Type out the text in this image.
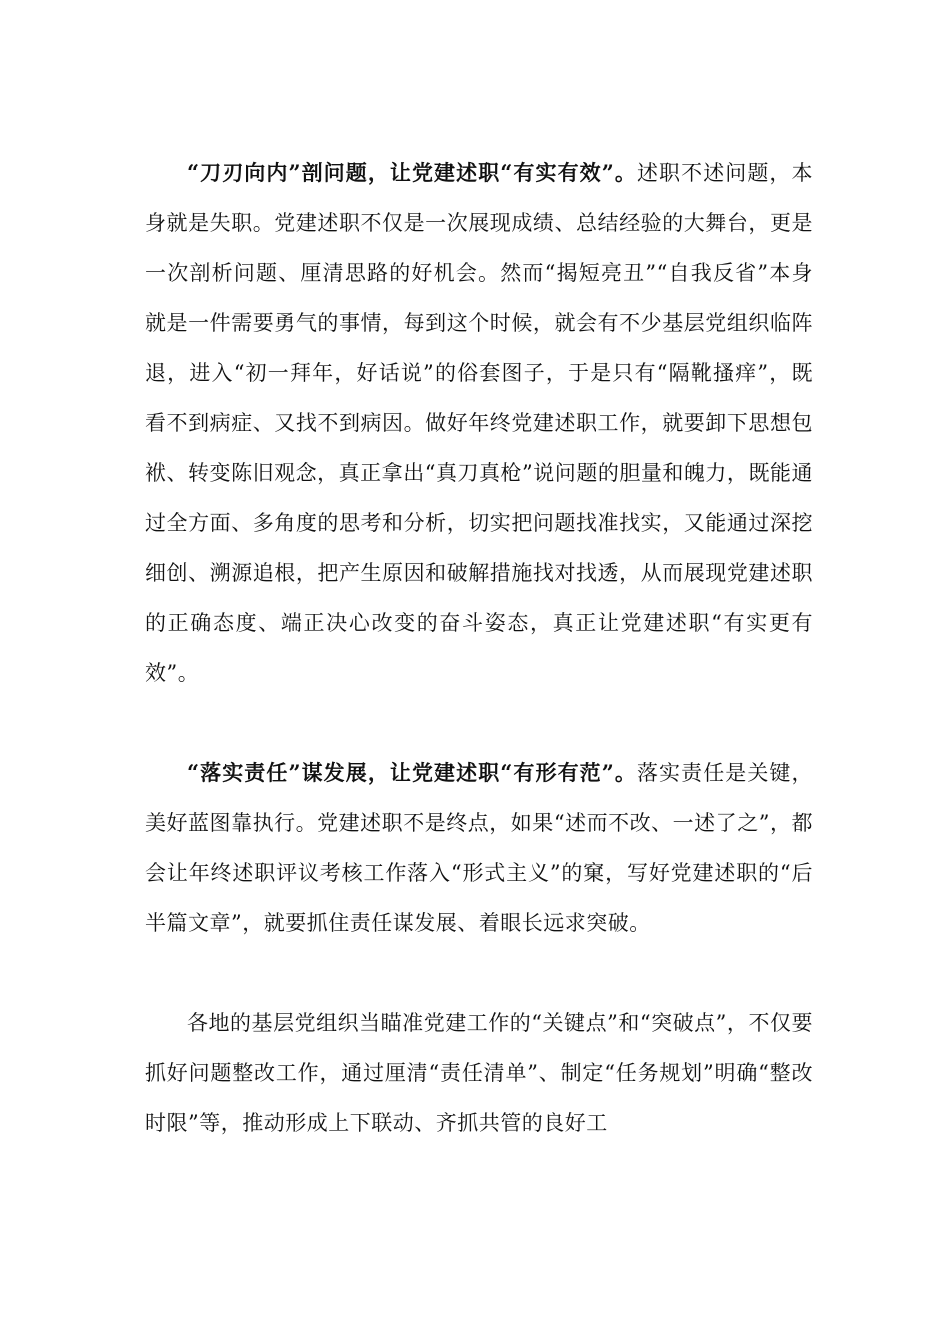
“刀刃向内”剖问题，让党建述职“有实有效”。述职不述问题，本身就是失职。党建述职不仅是一次展现成绩、总结经验的大舞台，更是一次剖析问题、厘清思路的好机会。然而“揭短亮丑”“自我反省”本身就是一件需要勇气的事情，每到这个时候，就会有不少基层党组织临阵退，进入“初一拜年，好话说”的俗套图子，于是只有“隔靴搔痒”，既看不到病症、又找不到病因。做好年终党建述职工作，就要卸下思想包袱、转变陈旧观念，真正拿出“真刀真枪”说问题的胆量和魄力，既能通过全方面、多角度的思考和分析，切实把问题找准找实，又能通过深挖细创、溯源追根，把产生原因和破解措施找对找透，从而展现党建述职的正确态度、端正决心改变的奋斗姿态，真正让党建述职“有实更有效”。

“落实责任”谋发展，让党建述职“有形有范”。落实责任是关键，美好蓝图靠执行。党建述职不是终点，如果“述而不改、一述了之”，都会让年终述职评议考核工作落入“形式主义”的窠，写好党建述职的“后半篇文章”，就要抓住责任谋发展、着眼长远求突破。

各地的基层党组织当瞄准党建工作的“关键点”和“突破点”，不仅要抓好问题整改工作，通过厘清“责任清单”、制定“任务规划”明确“整改时限”等，推动形成上下联动、齐抓共管的良好工
